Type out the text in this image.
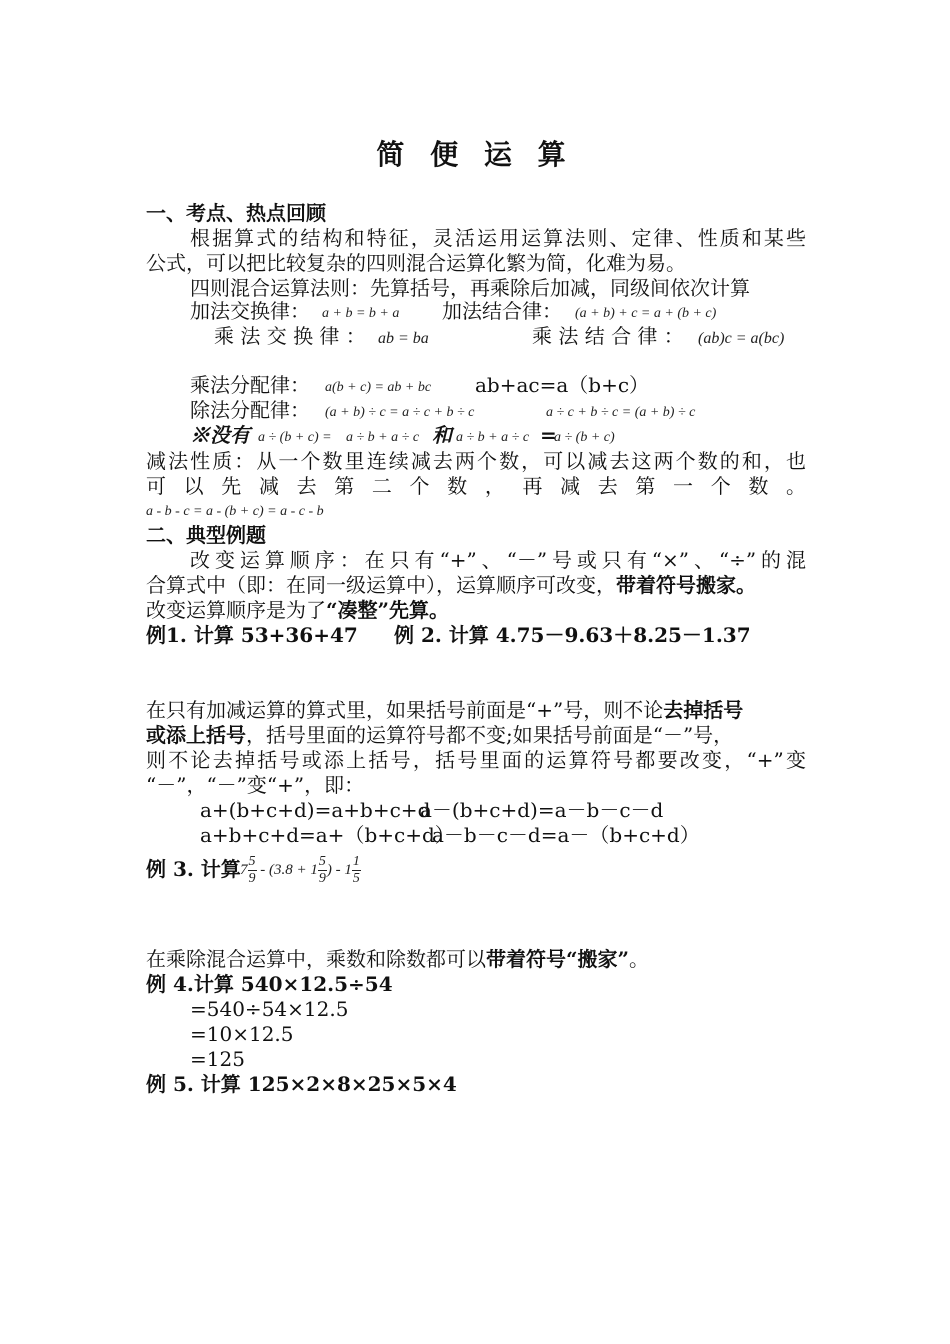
简 便 运 算

一、考点、热点回顾

根据算式的结构和特征，灵活运用运算法则、定律、性质和某些

公式，可以把比较复杂的四则混合运算化繁为简，化难为易。

四则混合运算法则：先算括号，再乘除后加减，同级间依次计算

加法交换律： a + b = b + a 加法结合律： (a + b) + c = a + (b + c)

乘 法 交 换 律 ： ab = ba	乘 法 结 合 律 ： (ab)c = a(bc)

乘法分配律： a(b + c) = ab + bc ab+ac=a（b+c）

除法分配律： (a + b) ÷ c = a ÷ c + b ÷ c	a ÷ c + b ÷ c = (a + b) ÷ c

※没有 a ÷ (b + c) = a ÷ b + a ÷ c 和 a ÷ b + a ÷ c =

a ÷ (b + c)

减法性质：从一个数里连续减去两个数，可以减去这两个数的和，也

可 以 先 减 去 第 二 个 数 ， 再 减 去 第 一 个 数 。

a - b - c = a - (b + c) = a - c - b

二、典型例题

改变运算顺序：在只有“+”、“－”号或只有“×”、“÷”的混

合算式中（即：在同一级运算中），运算顺序可改变，带着符号搬家。

改变运算顺序是为了“凑整”先算。

例1. 计算 53+36+47 例 2. 计算 4.75－9.63＋8.25－1.37

在只有加减运算的算式里，如果括号前面是“+”号，则不论去掉括号

或添上括号，括号里面的运算符号都不变;如果括号前面是“－”号，

则不论去掉括号或添上括号，括号里面的运算符号都要改变，“+”变

“－”，“－”变“+”，即：

a+(b+c+d)=a+b+c+d

a－(b+c+d)=a－b－c－d

a+b+c+d=a+（b+c+d）

a－b－c－d=a－（b+c+d）

例 3. 计算 $7 \frac{5}{9} - (3.8 + 1 \frac{5}{9}$ ) - $1 \frac{1}{5}$

在乘除混合运算中，乘数和除数都可以带着符号“搬家”。

例 4.计算 540×12.5÷54

=540÷54×12.5

=10×12.5

=125

例 5. 计算 125×2×8×25×5×4
